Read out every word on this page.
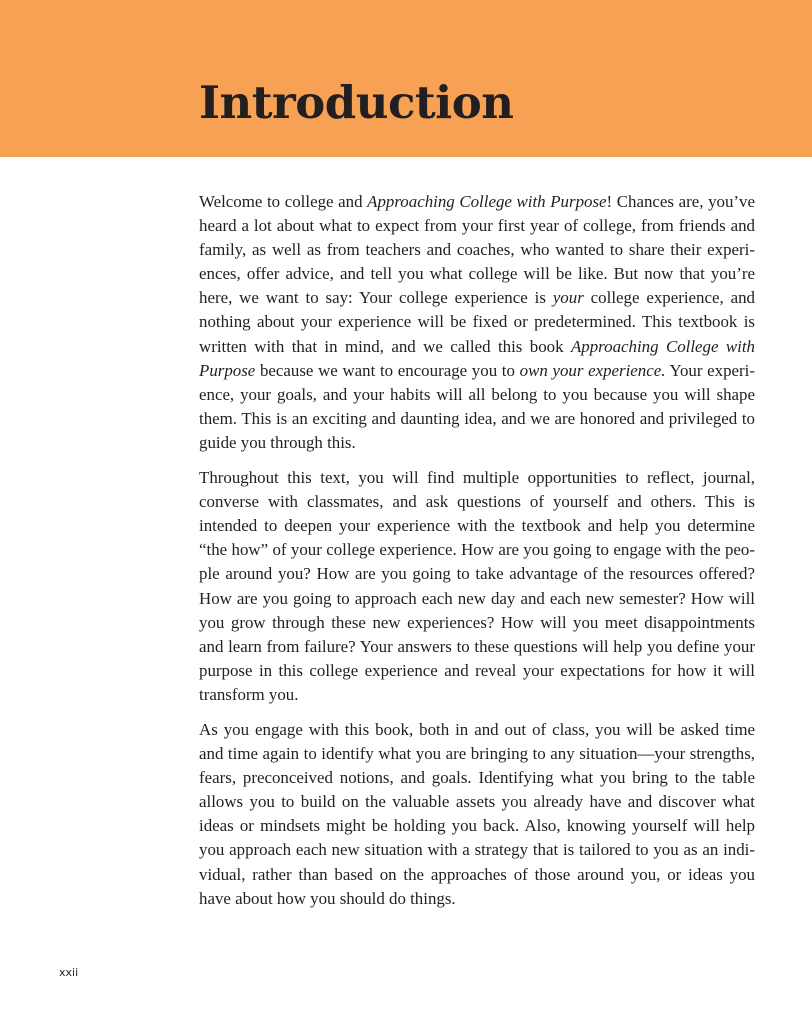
Introduction

Welcome to college and Approaching College with Purpose! Chances are, you’ve heard a lot about what to expect from your first year of college, from friends and family, as well as from teachers and coaches, who wanted to share their experiences, offer advice, and tell you what college will be like. But now that you’re here, we want to say: Your college experience is your college experience, and nothing about your experience will be fixed or predetermined. This textbook is written with that in mind, and we called this book Approaching College with Purpose because we want to encourage you to own your experience. Your experience, your goals, and your habits will all belong to you because you will shape them. This is an exciting and daunting idea, and we are honored and privileged to guide you through this.

Throughout this text, you will find multiple opportunities to reflect, journal, converse with classmates, and ask questions of yourself and others. This is intended to deepen your experience with the textbook and help you determine “the how” of your college experience. How are you going to engage with the people around you? How are you going to take advantage of the resources offered? How are you going to approach each new day and each new semester? How will you grow through these new experiences? How will you meet disappointments and learn from failure? Your answers to these questions will help you define your purpose in this college experience and reveal your expectations for how it will transform you.

As you engage with this book, both in and out of class, you will be asked time and time again to identify what you are bringing to any situation—your strengths, fears, preconceived notions, and goals. Identifying what you bring to the table allows you to build on the valuable assets you already have and discover what ideas or mindsets might be holding you back. Also, knowing yourself will help you approach each new situation with a strategy that is tailored to you as an individual, rather than based on the approaches of those around you, or ideas you have about how you should do things.

xxii
